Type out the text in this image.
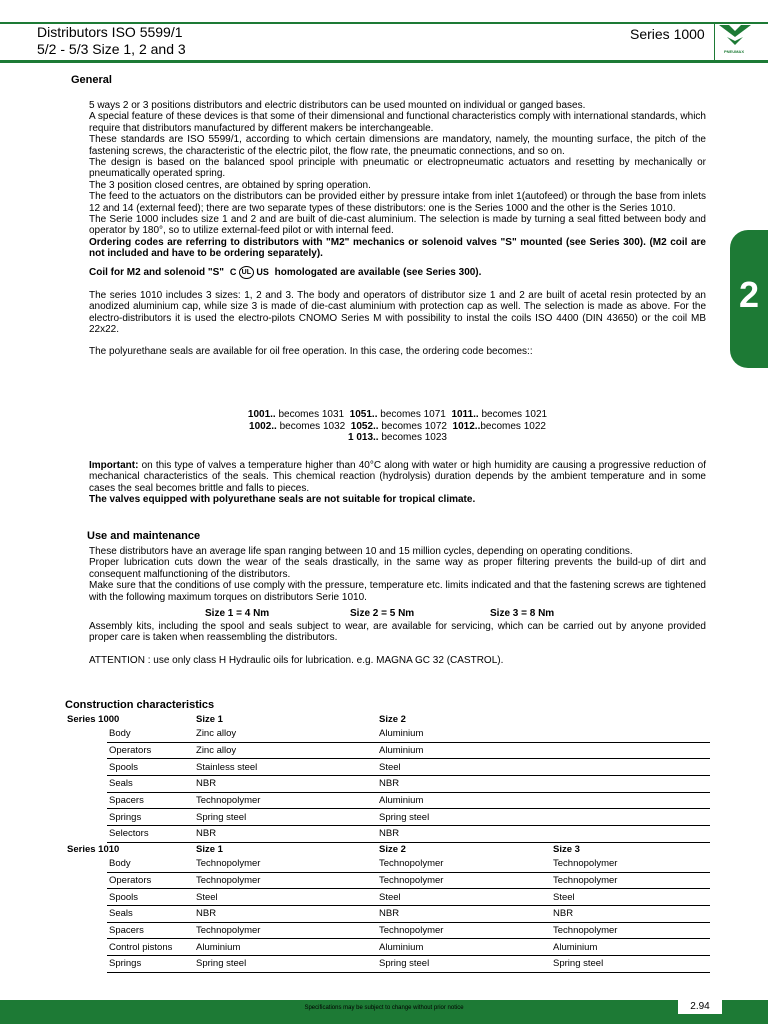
Distributors ISO 5599/1
5/2 - 5/3 Size 1, 2 and 3
Series 1000
PNEUMAX
2
General

5 ways 2 or 3 positions distributors and electric distributors can be used mounted on individual or ganged bases.

A special feature of these devices is that some of their dimensional and functional characteristics comply with international standards, which require that distributors manufactured by different makers be interchangeable.

These standards are ISO 5599/1, according to which certain dimensions are mandatory, namely, the mounting surface, the pitch of the fastening screws, the characteristic of the electric pilot, the flow rate, the pneumatic connections, and so on.

The design is based on the balanced spool principle with pneumatic or electropneumatic actuators and resetting by mechanically or pneumatically operated spring.

The 3 position closed centres, are obtained by spring operation.

The feed to the actuators on the distributors can be provided either by pressure intake from inlet 1(autofeed) or through the base from inlets 12 and 14 (external feed); there are two separate types of these distributors: one is the Series 1000 and the other is the Series 1010.

The Serie 1000 includes size 1 and 2 and are built of die-cast aluminium. The selection is made by turning a seal fitted between body and operator by 180°, so to utilize external-feed pilot or with internal feed.

Ordering codes are referring to distributors with "M2" mechanics or solenoid valves "S" mounted (see Series 300). (M2 coil are not included and have to be ordering separately).

Coil for M2 and solenoid "S" C UL US homologated are available (see Series 300).

The series 1010 includes 3 sizes: 1, 2 and 3. The body and operators of distributor size 1 and 2 are built of acetal resin protected by an anodized aluminium cap, while size 3 is made of die-cast aluminium with protection cap as well. The selection is made as above. For the electro-distributors it is used the electro-pilots CNOMO Series M with possibility to instal the coils ISO 4400 (DIN 43650) or the coil MB 22x22.

The polyurethane seals are available for oil free operation. In this case, the ordering code becomes::

1001.. becomes 1031 1051.. becomes 1071 1011.. becomes 1021
1002.. becomes 1032 1052.. becomes 1072 1012..becomes 1022
1 013.. becomes 1023

Important: on this type of valves a temperature higher than 40°C along with water or high humidity are causing a progressive reduction of mechanical characteristics of the seals. This chemical reaction (hydrolysis) duration depends by the ambient temperature and in some cases the seal becomes brittle and falls to pieces.

The valves equipped with polyurethane seals are not suitable for tropical climate.

Use and maintenance

These distributors have an average life span ranging between 10 and 15 million cycles, depending on operating conditions.

Proper lubrication cuts down the wear of the seals drastically, in the same way as proper filtering prevents the build-up of dirt and consequent malfunctioning of the distributors.

Make sure that the conditions of use comply with the pressure, temperature etc. limits indicated and that the fastening screws are tightened with the following maximum torques on distributors Serie 1010.

Size 1 = 4 Nm	Size 2 = 5 Nm	Size 3 = 8 Nm

Assembly kits, including the spool and seals subject to wear, are available for servicing, which can be carried out by anyone provided proper care is taken when reassembling the distributors.

ATTENTION : use only class H Hydraulic oils for lubrication. e.g. MAGNA GC 32 (CASTROL).

Construction characteristics
Series 1000		Size 1	Size 2	
	Body	Zinc alloy	Aluminium	
	Operators	Zinc alloy	Aluminium	
	Spools	Stainless steel	Steel	
	Seals	NBR	NBR	
	Spacers	Technopolymer	Aluminium	
	Springs	Spring steel	Spring steel	
	Selectors	NBR	NBR	
Series 1010		Size 1	Size 2	Size 3
	Body	Technopolymer	Technopolymer	Technopolymer
	Operators	Technopolymer	Technopolymer	Technopolymer
	Spools	Steel	Steel	Steel
	Seals	NBR	NBR	NBR
	Spacers	Technopolymer	Technopolymer	Technopolymer
	Control pistons	Aluminium	Aluminium	Aluminium
	Springs	Spring steel	Spring steel	Spring steel
Specifications may be subject to change without prior notice	2.94
